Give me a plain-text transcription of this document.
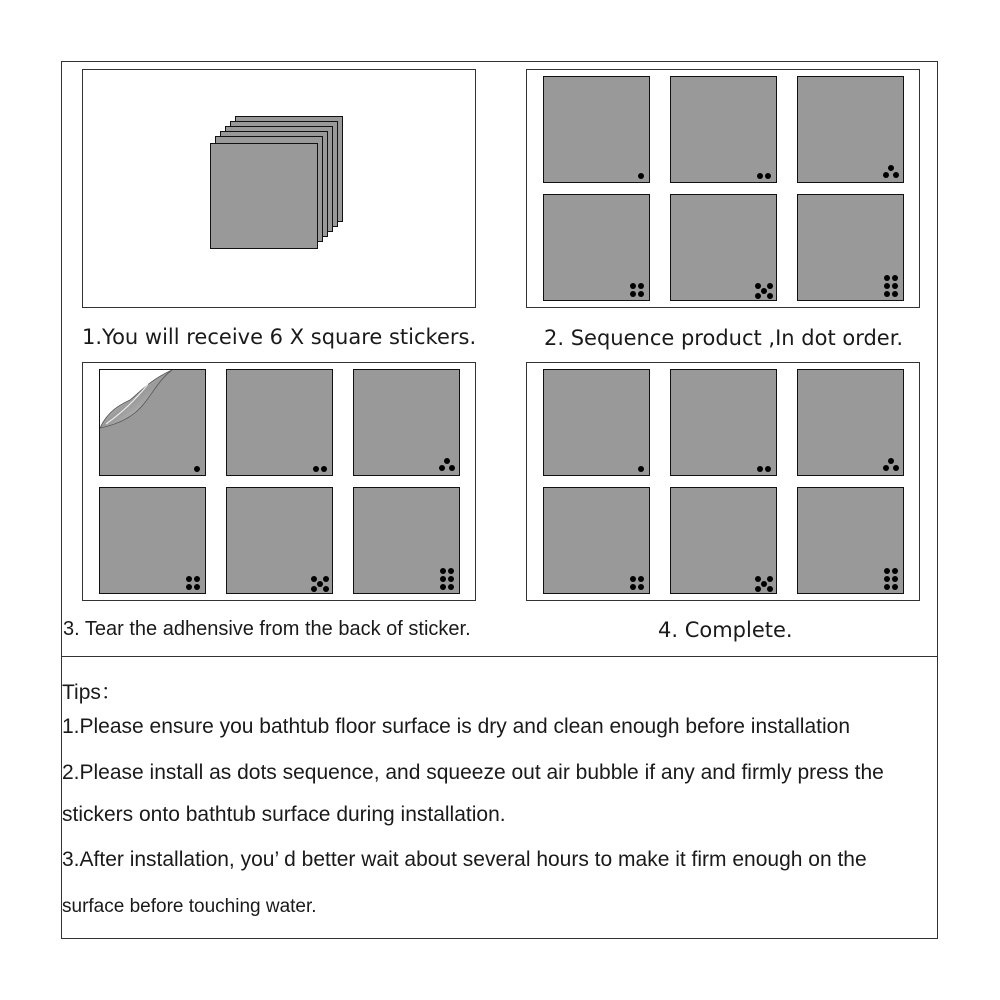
1.You will receive 6 X square stickers.	2. Sequence product ,In dot order.
3. Tear the adhensive from the back of sticker.	4. Complete.
Tips：
1.Please ensure you bathtub floor surface is dry and clean enough before installation
2.Please install as dots sequence, and squeeze out air bubble if any and firmly press the
stickers onto bathtub surface during installation.
3.After installation, you’ d better wait about several hours to make it firm enough on the
surface before touching water.
